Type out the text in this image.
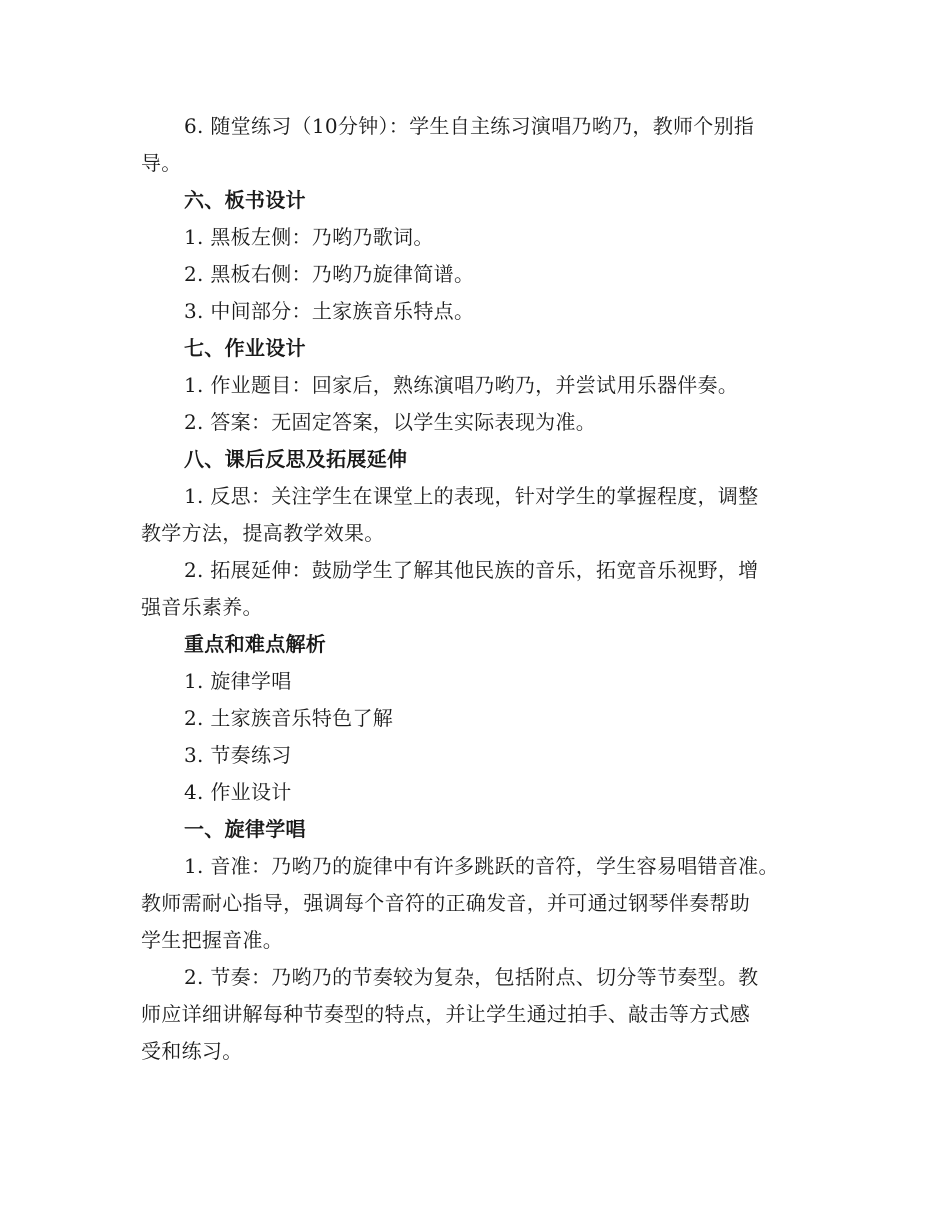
6. 随堂练习（10分钟）：学生自主练习演唱乃哟乃，教师个别指
导。
六、板书设计
1. 黑板左侧：乃哟乃歌词。
2. 黑板右侧：乃哟乃旋律简谱。
3. 中间部分：土家族音乐特点。
七、作业设计
1. 作业题目：回家后，熟练演唱乃哟乃，并尝试用乐器伴奏。
2. 答案：无固定答案，以学生实际表现为准。
八、课后反思及拓展延伸
1. 反思：关注学生在课堂上的表现，针对学生的掌握程度，调整
教学方法，提高教学效果。
2. 拓展延伸：鼓励学生了解其他民族的音乐，拓宽音乐视野，增
强音乐素养。
重点和难点解析
1. 旋律学唱
2. 土家族音乐特色了解
3. 节奏练习
4. 作业设计
一、旋律学唱
1. 音准：乃哟乃的旋律中有许多跳跃的音符，学生容易唱错音准。
教师需耐心指导，强调每个音符的正确发音，并可通过钢琴伴奏帮助
学生把握音准。
2. 节奏：乃哟乃的节奏较为复杂，包括附点、切分等节奏型。教
师应详细讲解每种节奏型的特点，并让学生通过拍手、敲击等方式感
受和练习。
